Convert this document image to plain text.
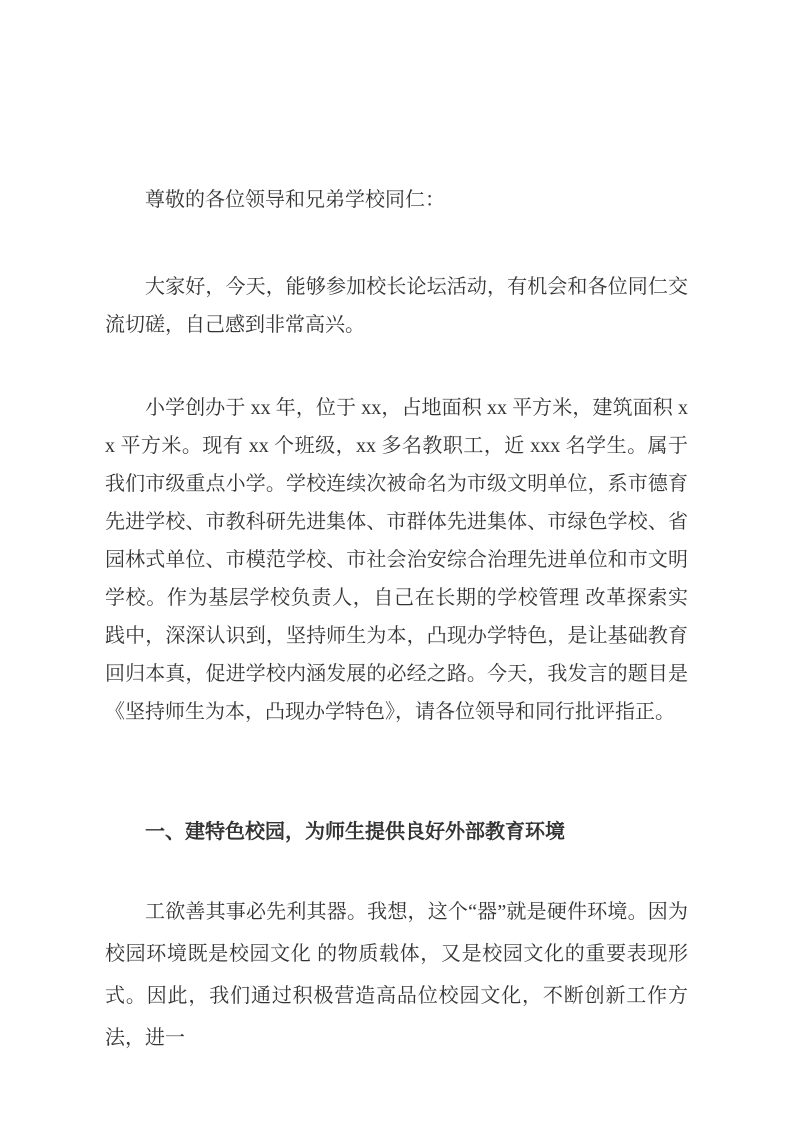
尊敬的各位领导和兄弟学校同仁：

大家好，今天，能够参加校长论坛活动，有机会和各位同仁交流切磋，自己感到非常高兴。

小学创办于 xx 年，位于 xx，占地面积 xx 平方米，建筑面积 xx 平方米。现有 xx 个班级，xx 多名教职工，近 xxx 名学生。属于我们市级重点小学。学校连续次被命名为市级文明单位，系市德育先进学校、市教科研先进集体、市群体先进集体、市绿色学校、省园林式单位、市模范学校、市社会治安综合治理先进单位和市文明学校。作为基层学校负责人，自己在长期的学校管理 改革探索实践中，深深认识到，坚持师生为本，凸现办学特色，是让基础教育 回归本真，促进学校内涵发展的必经之路。今天，我发言的题目是《坚持师生为本，凸现办学特色》，请各位领导和同行批评指正。

一、建特色校园，为师生提供良好外部教育环境

工欲善其事必先利其器。我想，这个“器”就是硬件环境。因为校园环境既是校园文化 的物质载体，又是校园文化的重要表现形式。因此，我们通过积极营造高品位校园文化，不断创新工作方法，进一
